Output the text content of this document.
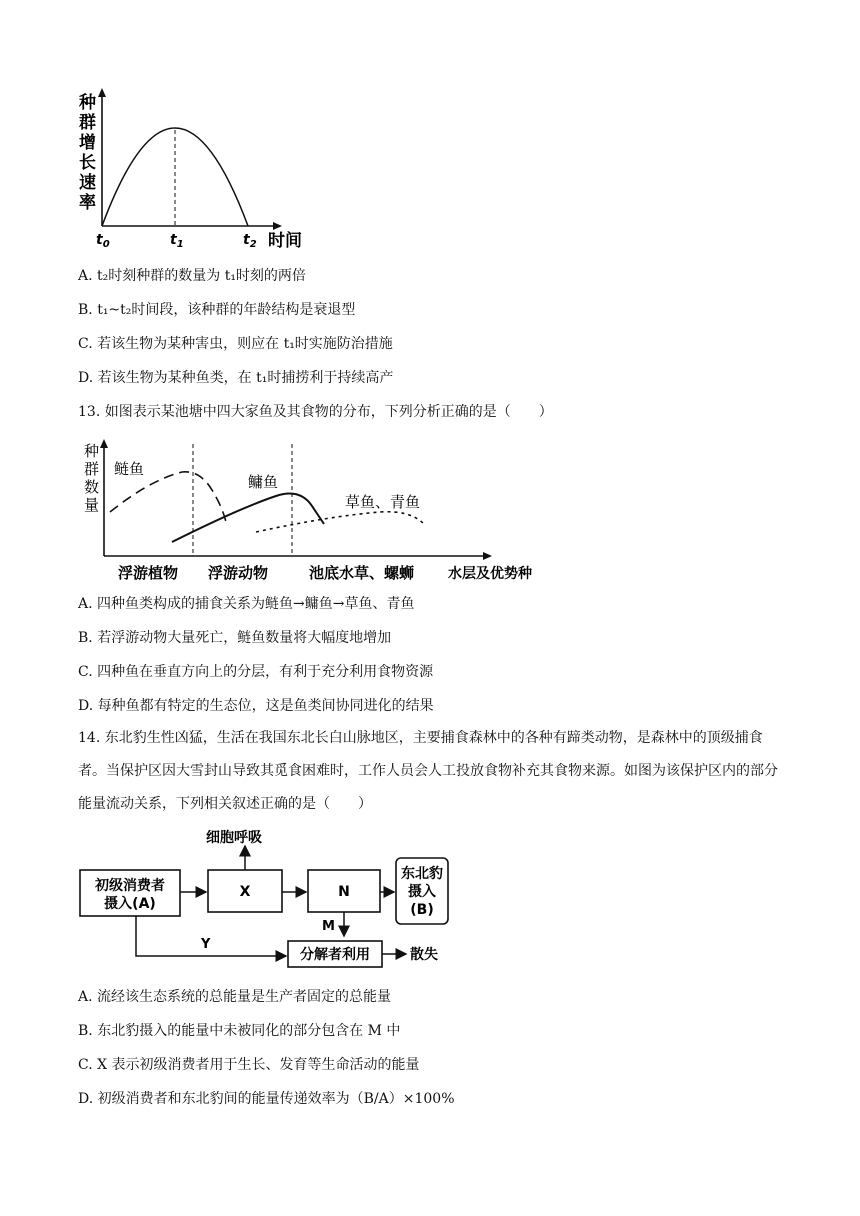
种
群
增
长
速
率
$t_0$	$t_1$	$t_2$ 时间
A. t₂时刻种群的数量为 t₁时刻的两倍
B. t₁~t₂时间段，该种群的年龄结构是衰退型
C. 若该生物为某种害虫，则应在 t₁时实施防治措施
D. 若该生物为某种鱼类，在 t₁时捕捞利于持续高产
13. 如图表示某池塘中四大家鱼及其食物的分布，下列分析正确的是（　　）
种
群
数
量
鲢鱼
鳙鱼
草鱼、青鱼
浮游植物 浮游动物	池底水草、螺蛳 水层及优势种
A. 四种鱼类构成的捕食关系为鲢鱼→鳙鱼→草鱼、青鱼
B. 若浮游动物大量死亡，鲢鱼数量将大幅度地增加
C. 四种鱼在垂直方向上的分层，有利于充分利用食物资源
D. 每种鱼都有特定的生态位，这是鱼类间协同进化的结果
14. 东北豹生性凶猛，生活在我国东北长白山脉地区，主要捕食森林中的各种有蹄类动物，是森林中的顶级捕食者。当保护区因大雪封山导致其觅食困难时，工作人员会人工投放食物补充其食物来源。如图为该保护区内的部分能量流动关系，下列相关叙述正确的是（　　）
初级消费者
摄入(A)
X	N
东北豹
摄入
(B)
细胞呼吸
M
Y
分解者利用	散失
A. 流经该生态系统的总能量是生产者固定的总能量
B. 东北豹摄入的能量中未被同化的部分包含在 M 中
C. X 表示初级消费者用于生长、发育等生命活动的能量
D. 初级消费者和东北豹间的能量传递效率为（B/A）×100%
